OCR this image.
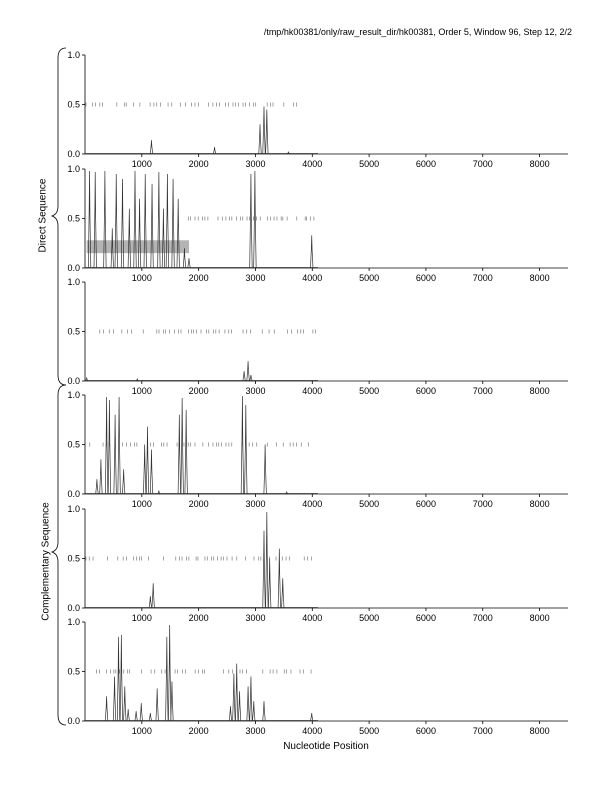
/tmp/hk00381/only/raw_result_dir/hk00381, Order 5, Window 96, Step 12, 2/2
Direct Sequence
Complementary Sequence
0.0
0.5
1.0
1000	2000	3000	4000	5000	6000	7000	8000
0.0
0.5
1.0
1000	2000	3000	4000	5000	6000	7000	8000
0.0
0.5
1.0
1000	2000	3000	4000	5000	6000	7000	8000
0.0
0.5
1.0
1000	2000	3000	4000	5000	6000	7000	8000
0.0
0.5
1.0
1000	2000	3000	4000	5000	6000	7000	8000
0.0
0.5
1.0
1000	2000	3000	4000	5000	6000	7000	8000
Nucleotide Position
